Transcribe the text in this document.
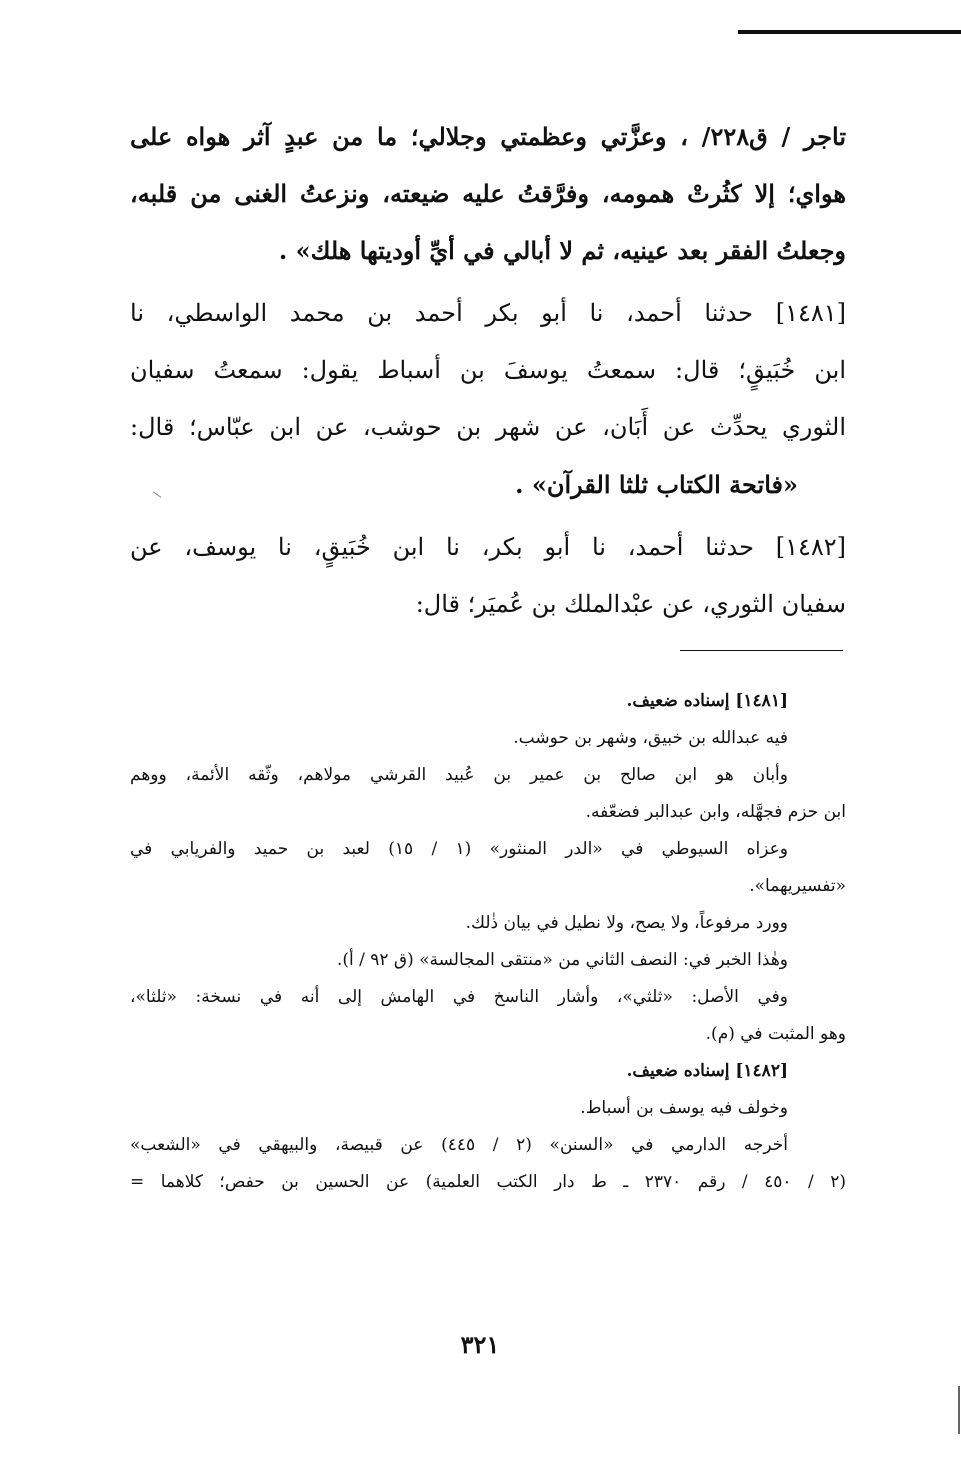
تاجر / ق٢٢٨/ ، وعزَّتي وعظمتي وجلالي؛ ما من عبدٍ آثر هواه على
هواي؛ إلا كثُرتْ همومه، وفرَّقتُ عليه ضيعته، ونزعتُ الغنى من قلبه،
وجعلتُ الفقر بعد عينيه، ثم لا أبالي في أيِّ أوديتها هلك» .
[١٤٨١] حدثنا أحمد، نا أبو بكر أحمد بن محمد الواسطي، نا
ابن خُبَيقٍ؛ قال: سمعتُ يوسفَ بن أسباط يقول: سمعتُ سفيان
الثوري يحدِّث عن أَبَان، عن شهر بن حوشب، عن ابن عبّاس؛ قال:
«فاتحة الكتاب ثلثا القرآن» .
[١٤٨٢] حدثنا أحمد، نا أبو بكر، نا ابن خُبَيقٍ، نا يوسف، عن
سفيان الثوري، عن عبْدالملك بن عُميَر؛ قال:
[١٤٨١] إسناده ضعيف.
فيه عبدالله بن خبيق، وشهر بن حوشب.
وأبان هو ابن صالح بن عمير بن عُبيد القرشي مولاهم، وثّقه الأئمة، ووهم
ابن حزم فجهَّله، وابن عبدالبر فضعّفه.
وعزاه السيوطي في «الدر المنثور» (١ / ١٥) لعبد بن حميد والفريابي في
«تفسيريهما».
وورد مرفوعاً، ولا يصح، ولا نطيل في بيان ذٰلك.
وهٰذا الخبر في: النصف الثاني من «منتقى المجالسة» (ق ٩٢ / أ).
وفي الأصل: «ثلثي»، وأشار الناسخ في الهامش إلى أنه في نسخة: «ثلثا»،
وهو المثبت في (م).
[١٤٨٢] إسناده ضعيف.
وخولف فيه يوسف بن أسباط.
أخرجه الدارمي في «السنن» (٢ / ٤٤٥) عن قبيصة، والبيهقي في «الشعب»
(٢ / ٤٥٠ / رقم ٢٣٧٠ ـ ط دار الكتب العلمية) عن الحسين بن حفص؛ كلاهما =
٣٢١
